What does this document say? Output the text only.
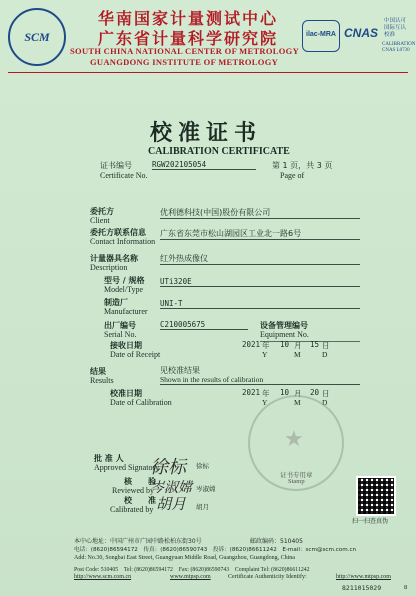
SCM
华南国家计量测试中心
广东省计量科学研究院
SOUTH CHINA NATIONAL CENTER OF METROLOGY
GUANGDONG INSTITUTE OF METROLOGY
ilac-MRA CNAS
中国认可
国际互认
校准
CALIBRATION
CNAS L0730
校准证书
CALIBRATION CERTIFICATE
证书编号
Certificate No.
RGW202105054	第 1 页，共 3 页
Page of
委托方
Client
优利德科技(中国)股份有限公司
委托方联系信息
Contact Information
广东省东莞市松山湖园区工业北一路6号
计量器具名称
Description
红外热成像仪
型号 / 规格
Model/Type
UTi320E
制造厂
Manufacturer
UNI-T
出厂编号
Serial No.
C210005675	设备管理编号
Equipment No.
接收日期
Date of Receipt
2021 年 10 月 15 日
Y	M	D
结果
Results
见校准结果
Shown in the results of calibration
校准日期
Date of Calibration
2021 年 10 月 20 日
Y	M	D
★
证书专用章
Stamp
批 准 人
Approved Signatory
徐标 徐标
核　　验
Reviewed by
岑淑嫦 岑淑嫦
校　　准
Calibrated by 胡月 胡月
扫一扫查真伪
本中心地址：中国广州市广园中路松柏东街30号	邮政编码：510405
电话：(8620)86594172　传真：(8620)86590743　投诉：(8620)86611242　E-mail：scm@scm.com.cn
Add: No.30, Songbai East Street, Guangyuan Middle Road, Guangzhou, Guangdong, China
Post Code: 510405　Tel: (8620)86594172　Fax: (8620)86590743　Complaint Tel: (8620)86611242
http://www.scm.com.cn	www.mtpsp.com	Certificate Authenticity Identify:	http://www.mtpsp.com
8211015029	8
